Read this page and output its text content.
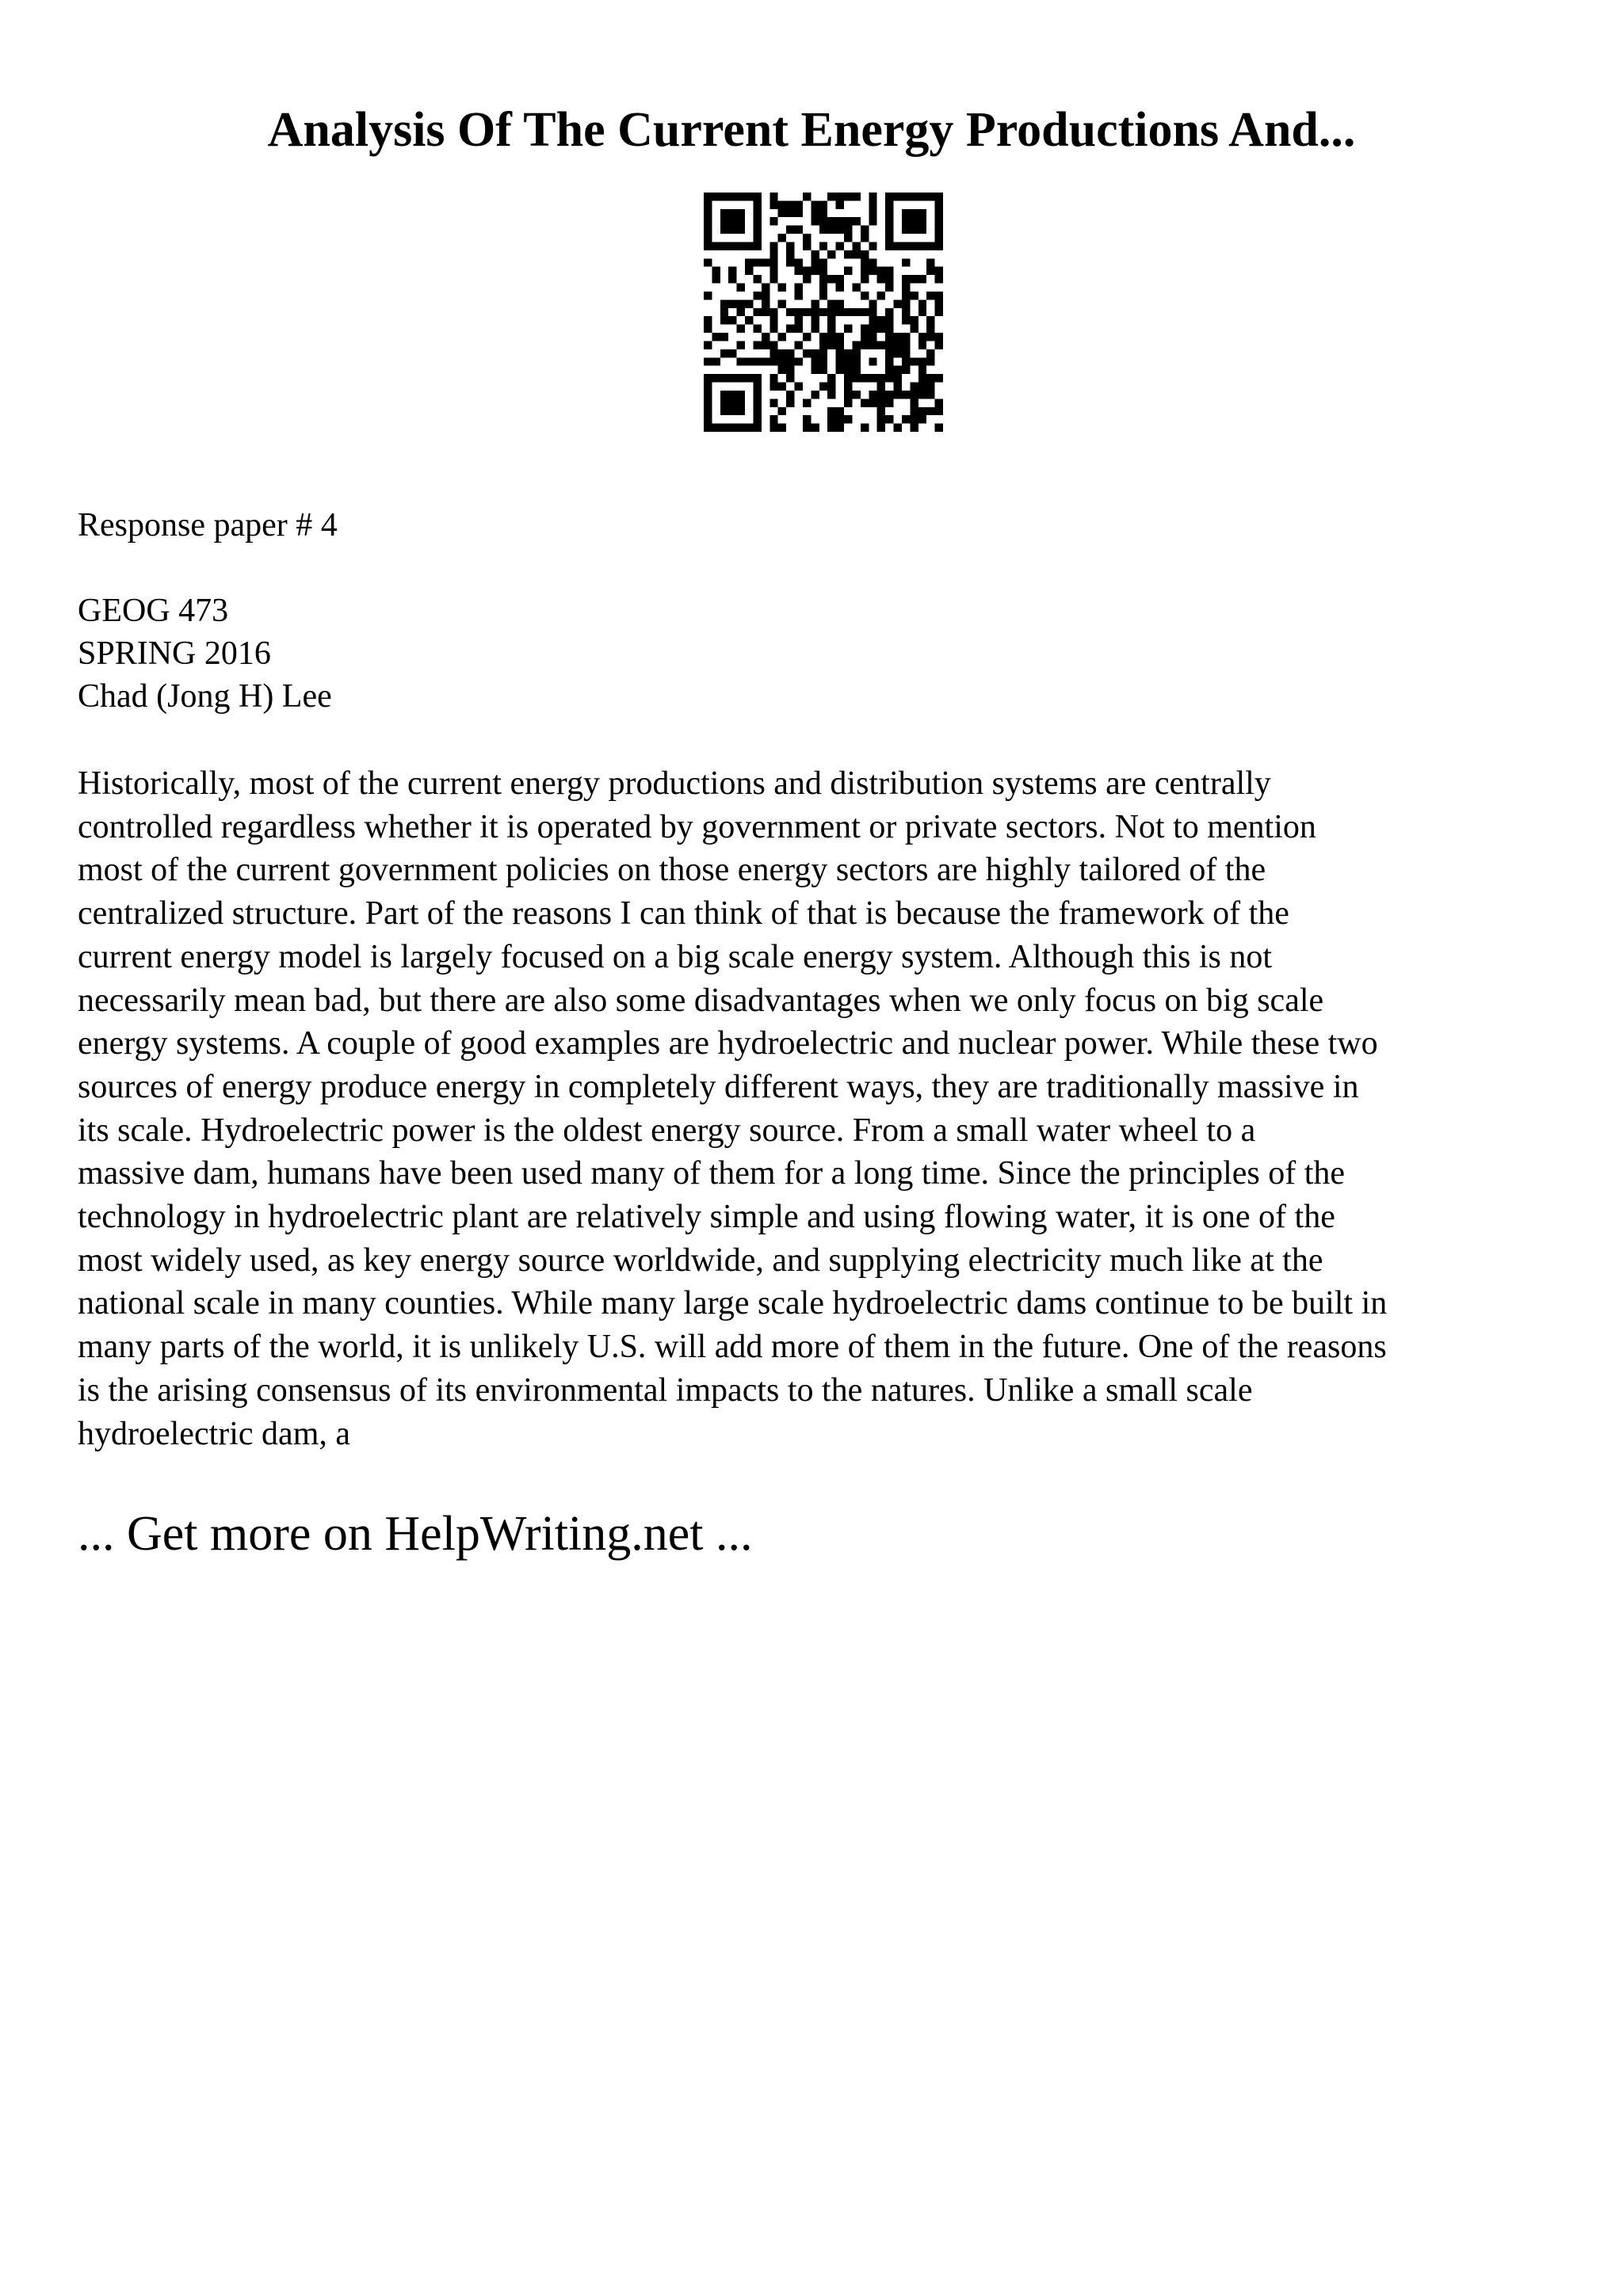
Analysis Of The Current Energy Productions And...

Response paper # 4

GEOG 473

SPRING 2016

Chad (Jong H) Lee

Historically, most of the current energy productions and distribution systems are centrally
controlled regardless whether it is operated by government or private sectors. Not to mention
most of the current government policies on those energy sectors are highly tailored of the
centralized structure. Part of the reasons I can think of that is because the framework of the
current energy model is largely focused on a big scale energy system. Although this is not
necessarily mean bad, but there are also some disadvantages when we only focus on big scale
energy systems. A couple of good examples are hydroelectric and nuclear power. While these two
sources of energy produce energy in completely different ways, they are traditionally massive in
its scale. Hydroelectric power is the oldest energy source. From a small water wheel to a
massive dam, humans have been used many of them for a long time. Since the principles of the
technology in hydroelectric plant are relatively simple and using flowing water, it is one of the
most widely used, as key energy source worldwide, and supplying electricity much like at the
national scale in many counties. While many large scale hydroelectric dams continue to be built in
many parts of the world, it is unlikely U.S. will add more of them in the future. One of the reasons
is the arising consensus of its environmental impacts to the natures. Unlike a small scale
hydroelectric dam, a

... Get more on HelpWriting.net ...
